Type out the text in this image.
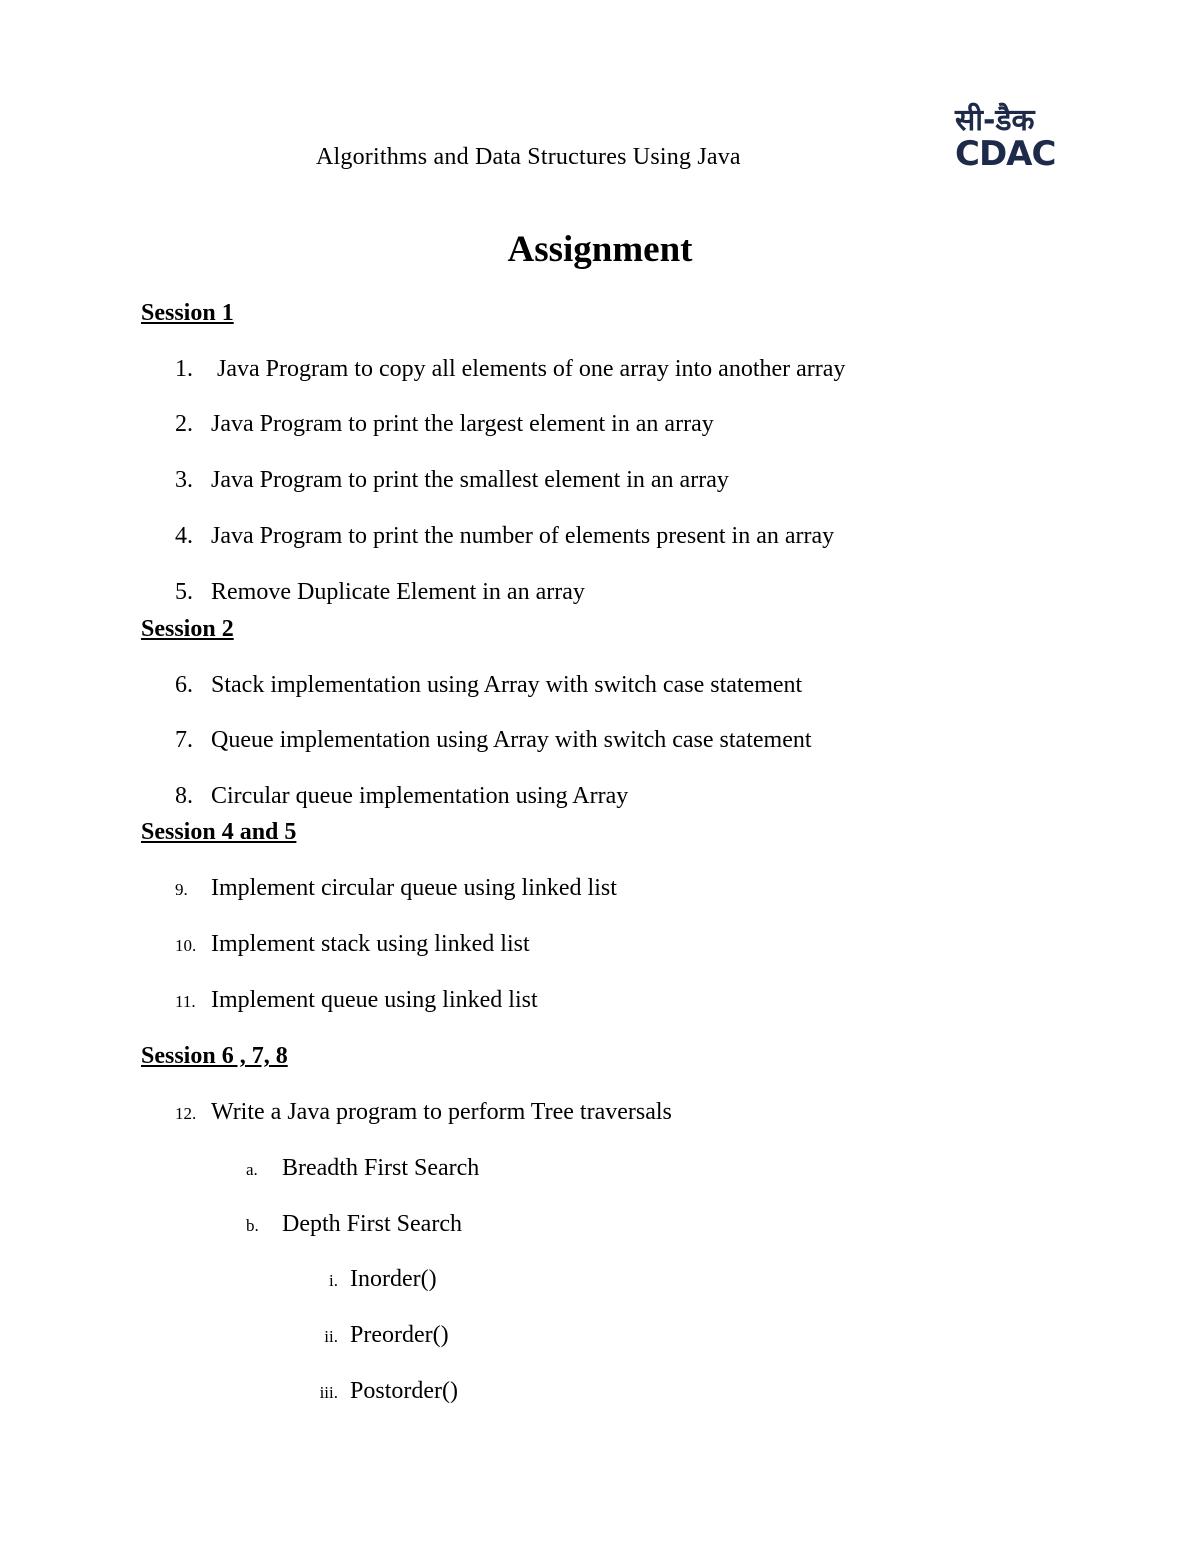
Algorithms and Data Structures Using Java
सी-डैक
CDAC
Assignment
Session 1
1. Java Program to copy all elements of one array into another array
2. Java Program to print the largest element in an array
3. Java Program to print the smallest element in an array
4. Java Program to print the number of elements present in an array
5. Remove Duplicate Element in an array
Session 2
6. Stack implementation using Array with switch case statement
7. Queue implementation using Array with switch case statement
8. Circular queue implementation using Array
Session 4 and 5
9. Implement circular queue using linked list
10. Implement stack using linked list
11. Implement queue using linked list
Session 6 , 7, 8
12. Write a Java program to perform Tree traversals
a. Breadth First Search
b. Depth First Search
i. Inorder()
ii. Preorder()
iii. Postorder()
